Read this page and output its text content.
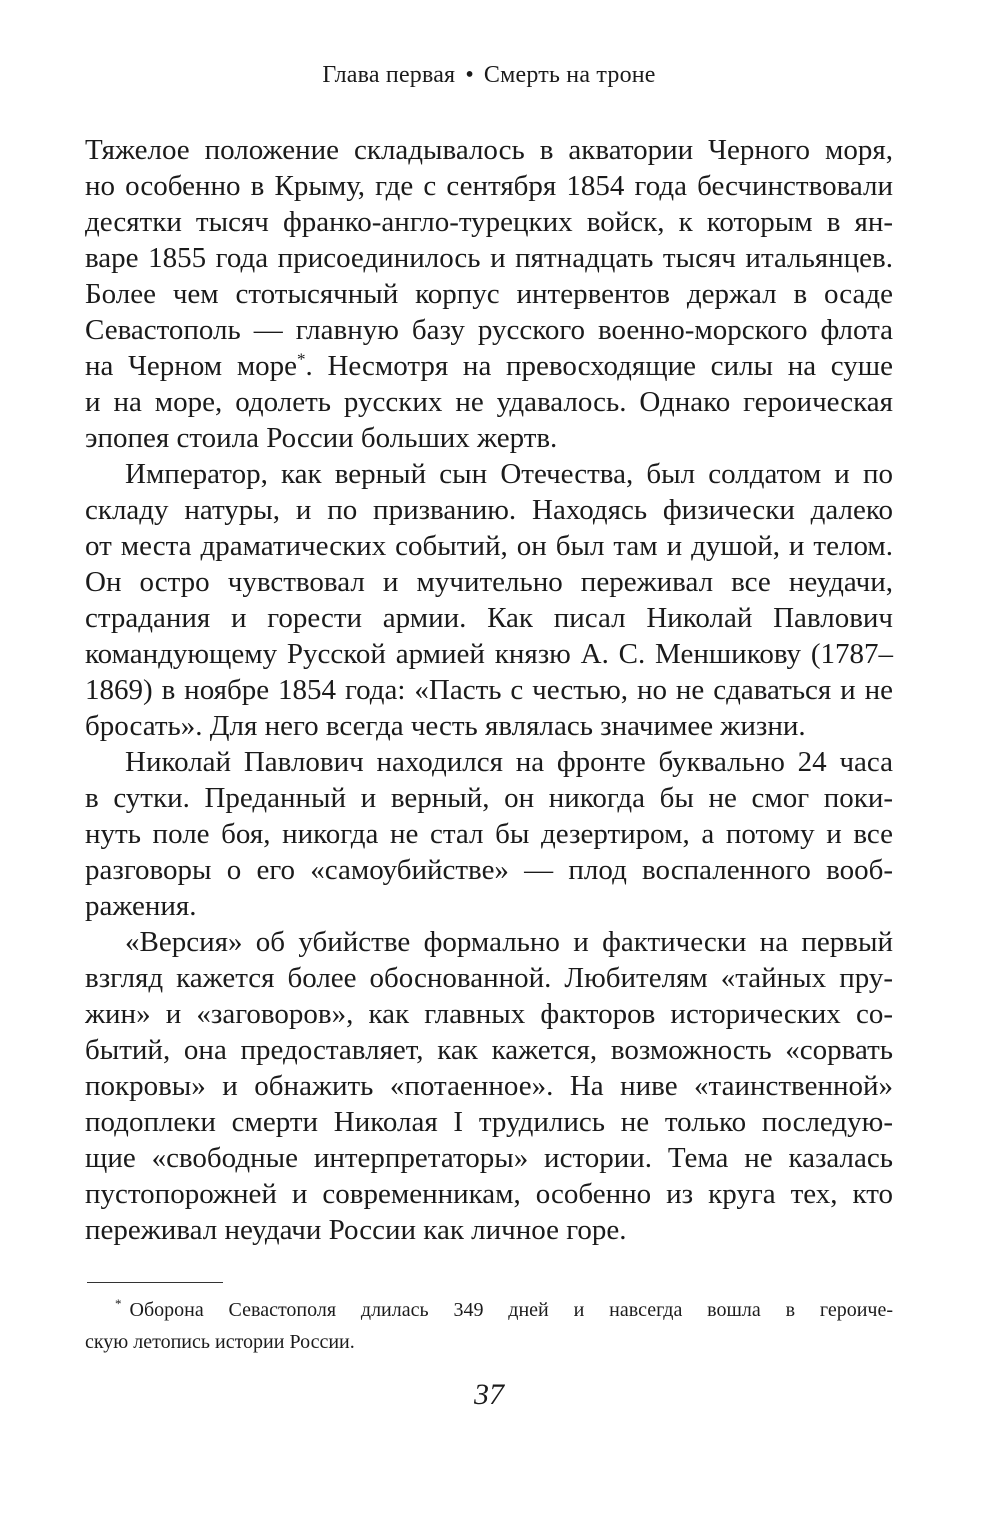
Глава первая • Смерть на троне
Тяжелое положение складывалось в акватории Черного моря,
но особенно в Крыму, где с сентября 1854 года бесчинствовали
десятки тысяч франко-англо-турецких войск, к которым в ян-
варе 1855 года присоединилось и пятнадцать тысяч итальянцев.
Более чем стотысячный корпус интервентов держал в осаде
Севастополь — главную базу русского военно-морского флота
на Черном море*. Несмотря на превосходящие силы на суше
и на море, одолеть русских не удавалось. Однако героическая
эпопея стоила России больших жертв.
Император, как верный сын Отечества, был солдатом и по
складу натуры, и по призванию. Находясь физически далеко
от места драматических событий, он был там и душой, и телом.
Он остро чувствовал и мучительно переживал все неудачи,
страдания и горести армии. Как писал Николай Павлович
командующему Русской армией князю А. С. Меншикову (1787–
1869) в ноябре 1854 года: «Пасть с честью, но не сдаваться и не
бросать». Для него всегда честь являлась значимее жизни.
Николай Павлович находился на фронте буквально 24 часа
в сутки. Преданный и верный, он никогда бы не смог поки-
нуть поле боя, никогда не стал бы дезертиром, а потому и все
разговоры о его «самоубийстве» — плод воспаленного вооб-
ражения.
«Версия» об убийстве формально и фактически на первый
взгляд кажется более обоснованной. Любителям «тайных пру-
жин» и «заговоров», как главных факторов исторических со-
бытий, она предоставляет, как кажется, возможность «сорвать
покровы» и обнажить «потаенное». На ниве «таинственной»
подоплеки смерти Николая I трудились не только последую-
щие «свободные интерпретаторы» истории. Тема не казалась
пустопорожней и современникам, особенно из круга тех, кто
переживал неудачи России как личное горе.
* Оборона Севастополя длилась 349 дней и навсегда вошла в героиче-
скую летопись истории России.
37
